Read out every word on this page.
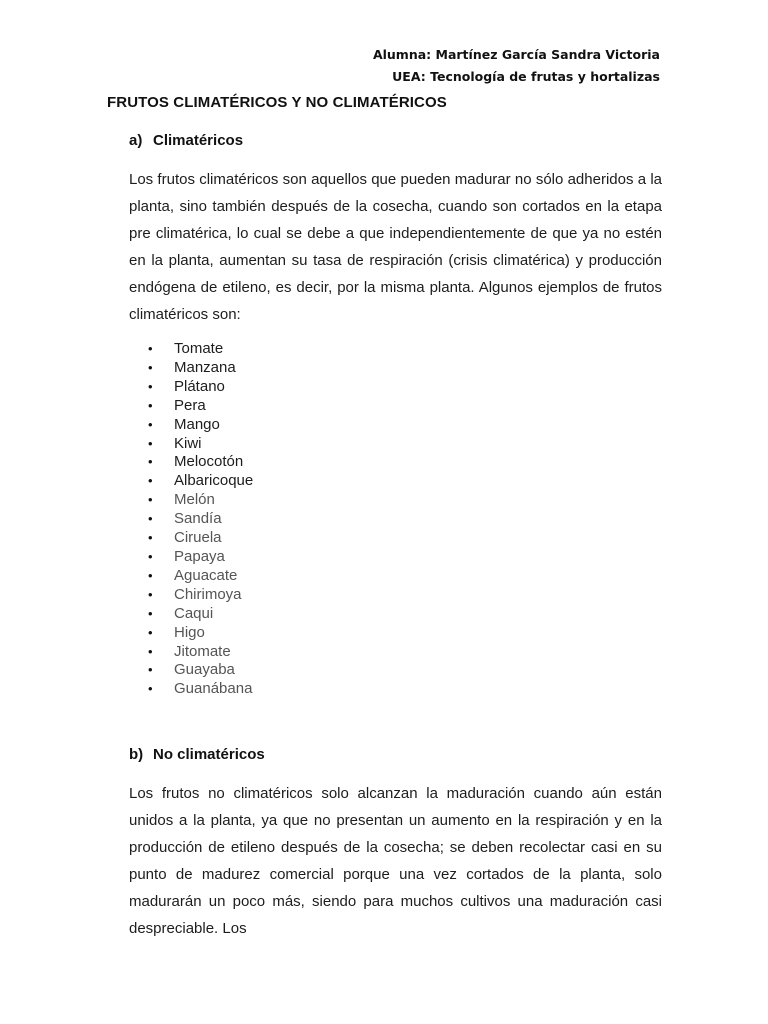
Alumna: Martínez García Sandra Victoria
UEA: Tecnología de frutas y hortalizas
FRUTOS CLIMATÉRICOS Y NO CLIMATÉRICOS
a) Climatéricos

Los frutos climatéricos son aquellos que pueden madurar no sólo adheridos a la planta, sino también después de la cosecha, cuando son cortados en la etapa pre climatérica, lo cual se debe a que independientemente de que ya no estén en la planta, aumentan su tasa de respiración (crisis climatérica) y producción endógena de etileno, es decir, por la misma planta. Algunos ejemplos de frutos climatéricos son:

• Tomate
• Manzana
• Plátano
• Pera
• Mango
• Kiwi
• Melocotón
• Albaricoque
• Melón
• Sandía
• Ciruela
• Papaya
• Aguacate
• Chirimoya
• Caqui
• Higo
• Jitomate
• Guayaba
• Guanábana
b) No climatéricos

Los frutos no climatéricos solo alcanzan la maduración cuando aún están unidos a la planta, ya que no presentan un aumento en la respiración y en la producción de etileno después de la cosecha; se deben recolectar casi en su punto de madurez comercial porque una vez cortados de la planta, solo madurarán un poco más, siendo para muchos cultivos una maduración casi despreciable. Los
